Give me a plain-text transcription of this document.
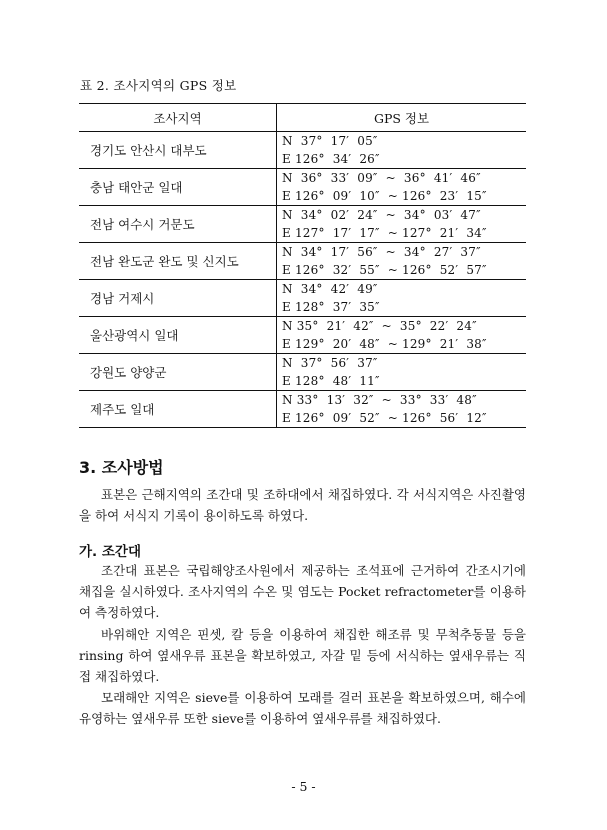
표 2. 조사지역의 GPS 정보
조사지역	GPS 정보
경기도 안산시 대부도	N  37°  17′  05″
	E 126°  34′  26″
충남 태안군 일대	N  36°  33′  09″  ~  36°  41′  46″
	E 126°  09′  10″  ~ 126°  23′  15″
전남 여수시 거문도	N  34°  02′  24″  ~  34°  03′  47″
	E 127°  17′  17″  ~ 127°  21′  34″
전남 완도군 완도 및 신지도	N  34°  17′  56″  ~  34°  27′  37″
	E 126°  32′  55″  ~ 126°  52′  57″
경남 거제시	N  34°  42′  49″
	E 128°  37′  35″
울산광역시 일대	N 35°  21′  42″  ~  35°  22′  24″
	E 129°  20′  48″  ~ 129°  21′  38″
강원도 양양군	N  37°  56′  37″
	E 128°  48′  11″
제주도 일대	N 33°  13′  32″  ~  33°  33′  48″
	E 126°  09′  52″  ~ 126°  56′  12″
3. 조사방법

표본은 근해지역의 조간대 및 조하대에서 채집하였다. 각 서식지역은 사진촬영을 하여 서식지 기록이 용이하도록 하였다.

가. 조간대

조간대 표본은 국립해양조사원에서 제공하는 조석표에 근거하여 간조시기에 채집을 실시하였다. 조사지역의 수온 및 염도는 Pocket refractometer를 이용하여 측정하였다.

바위해안 지역은 핀셋, 칼 등을 이용하여 채집한 해조류 및 무척추동물 등을 rinsing 하여 옆새우류 표본을 확보하였고, 자갈 밑 등에 서식하는 옆새우류는 직접 채집하였다.

모래해안 지역은 sieve를 이용하여 모래를 걸러 표본을 확보하였으며, 해수에 유영하는 옆새우류 또한 sieve를 이용하여 옆새우류를 채집하였다.

- 5 -
